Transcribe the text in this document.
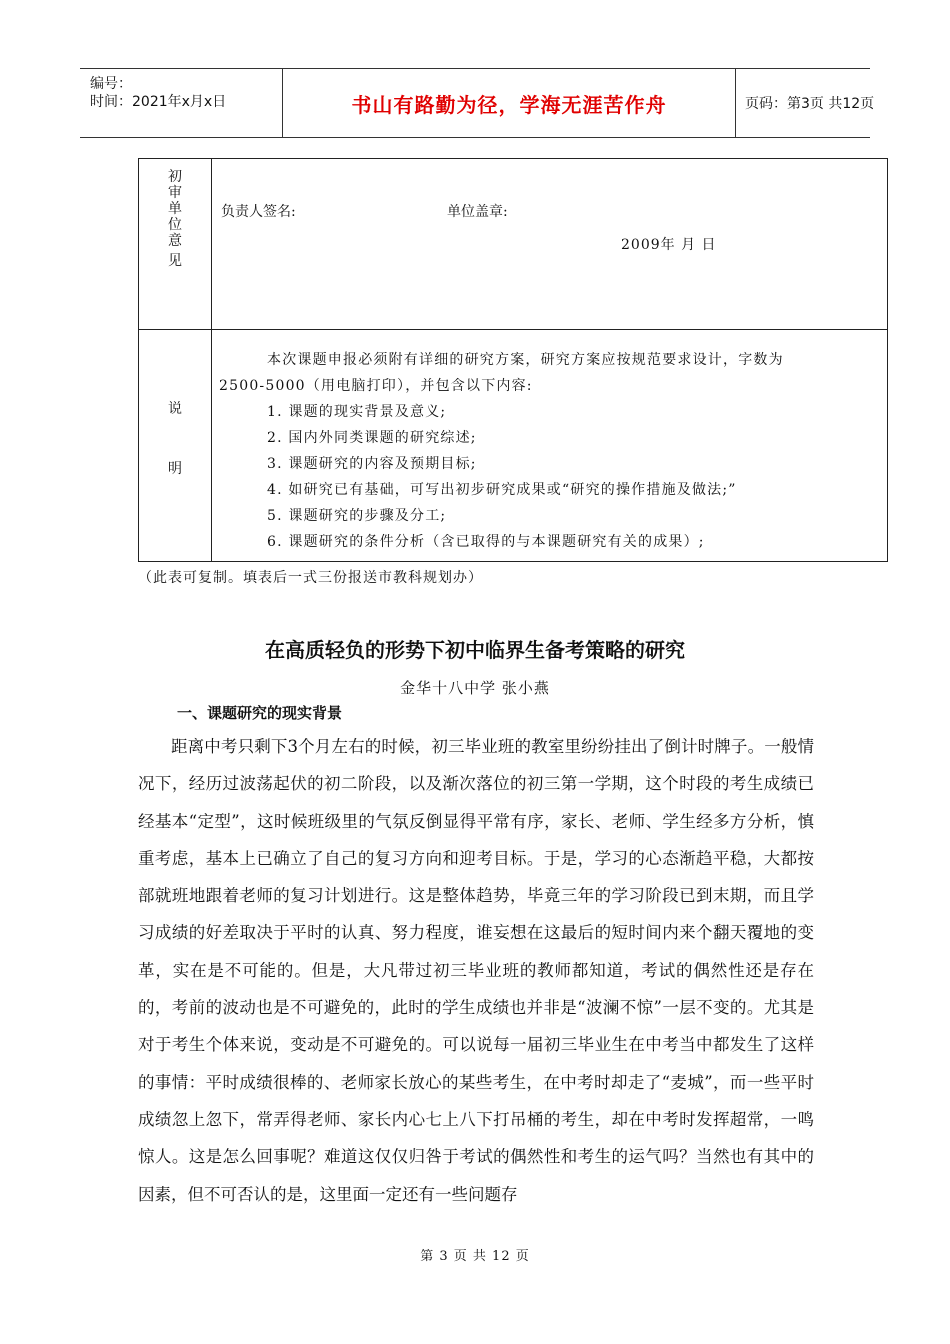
编号：
时间：2021年x月x日	书山有路勤为径，学海无涯苦作舟	页码：第3页 共12页
初
审
单
位
意
见
负责人签名:	单位盖章:
2009年 月 日
说
明

本次课题申报必须附有详细的研究方案，研究方案应按规范要求设计，字数为

2500-5000（用电脑打印），并包含以下内容:

1. 课题的现实背景及意义;

2. 国内外同类课题的研究综述;

3. 课题研究的内容及预期目标;

4. 如研究已有基础，可写出初步研究成果或“研究的操作措施及做法;”

5. 课题研究的步骤及分工;

6. 课题研究的条件分析（含已取得的与本课题研究有关的成果）;

（此表可复制。填表后一式三份报送市教科规划办）
在高质轻负的形势下初中临界生备考策略的研究
金华十八中学 张小燕
一、课题研究的现实背景

距离中考只剩下3个月左右的时候，初三毕业班的教室里纷纷挂出了倒计时牌子。一般情况下，经历过波荡起伏的初二阶段，以及渐次落位的初三第一学期，这个时段的考生成绩已经基本“定型”，这时候班级里的气氛反倒显得平常有序，家长、老师、学生经多方分析，慎重考虑，基本上已确立了自己的复习方向和迎考目标。于是，学习的心态渐趋平稳，大都按部就班地跟着老师的复习计划进行。这是整体趋势，毕竟三年的学习阶段已到末期，而且学习成绩的好差取决于平时的认真、努力程度，谁妄想在这最后的短时间内来个翻天覆地的变革，实在是不可能的。但是，大凡带过初三毕业班的教师都知道，考试的偶然性还是存在的，考前的波动也是不可避免的，此时的学生成绩也并非是“波澜不惊”一层不变的。尤其是对于考生个体来说，变动是不可避免的。可以说每一届初三毕业生在中考当中都发生了这样的事情：平时成绩很棒的、老师家长放心的某些考生，在中考时却走了“麦城”，而一些平时成绩忽上忽下，常弄得老师、家长内心七上八下打吊桶的考生，却在中考时发挥超常，一鸣惊人。这是怎么回事呢？难道这仅仅归咎于考试的偶然性和考生的运气吗？当然也有其中的因素，但不可否认的是，这里面一定还有一些问题存

第 3 页 共 12 页
